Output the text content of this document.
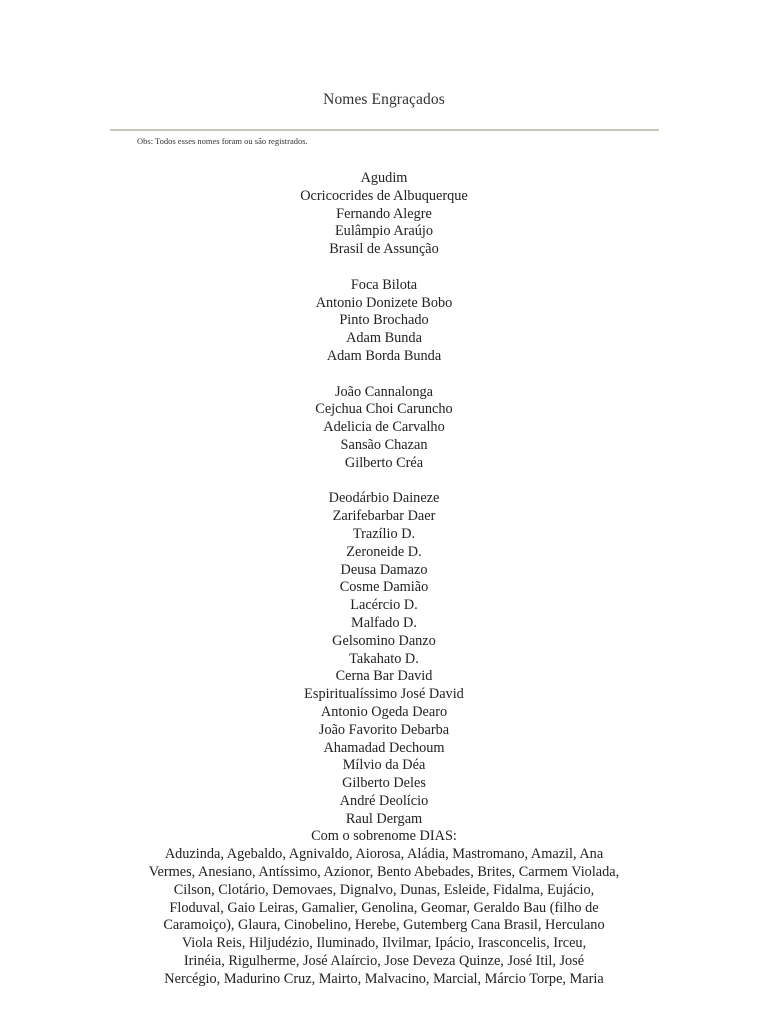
Nomes Engraçados
Obs: Todos esses nomes foram ou são registrados.
Agudim
Ocricocrides de Albuquerque
Fernando Alegre
Eulâmpio Araújo
Brasil de Assunção
Foca Bilota
Antonio Donizete Bobo
Pinto Brochado
Adam Bunda
Adam Borda Bunda
João Cannalonga
Cejchua Choi Caruncho
Adelicia de Carvalho
Sansão Chazan
Gilberto Créa
Deodárbio Daineze
Zarifebarbar Daer
Trazílio D.
Zeroneide D.
Deusa Damazo
Cosme Damião
Lacércio D.
Malfado D.
Gelsomino Danzo
Takahato D.
Cerna Bar David
Espiritualíssimo José David
Antonio Ogeda Dearo
João Favorito Debarba
Ahamadad Dechoum
Mílvio da Déa
Gilberto Deles
André Deolício
Raul Dergam
Com o sobrenome DIAS:
Aduzinda, Agebaldo, Agnivaldo, Aiorosa, Aládia, Mastromano, Amazil, Ana
Vermes, Anesiano, Antíssimo, Azionor, Bento Abebades, Brites, Carmem Violada,
Cilson, Clotário, Demovaes, Dignalvo, Dunas, Esleide, Fidalma, Eujácio,
Floduval, Gaio Leiras, Gamalier, Genolina, Geomar, Geraldo Bau (filho de
Caramoiço), Glaura, Cinobelino, Herebe, Gutemberg Cana Brasil, Herculano
Viola Reis, Hiljudézio, Iluminado, Ilvilmar, Ipácio, Irasconcelis, Irceu,
Irinéia, Rigulherme, José Alaírcio, Jose Deveza Quinze, José Itil, José
Nercégio, Madurino Cruz, Mairto, Malvacino, Marcial, Márcio Torpe, Maria
